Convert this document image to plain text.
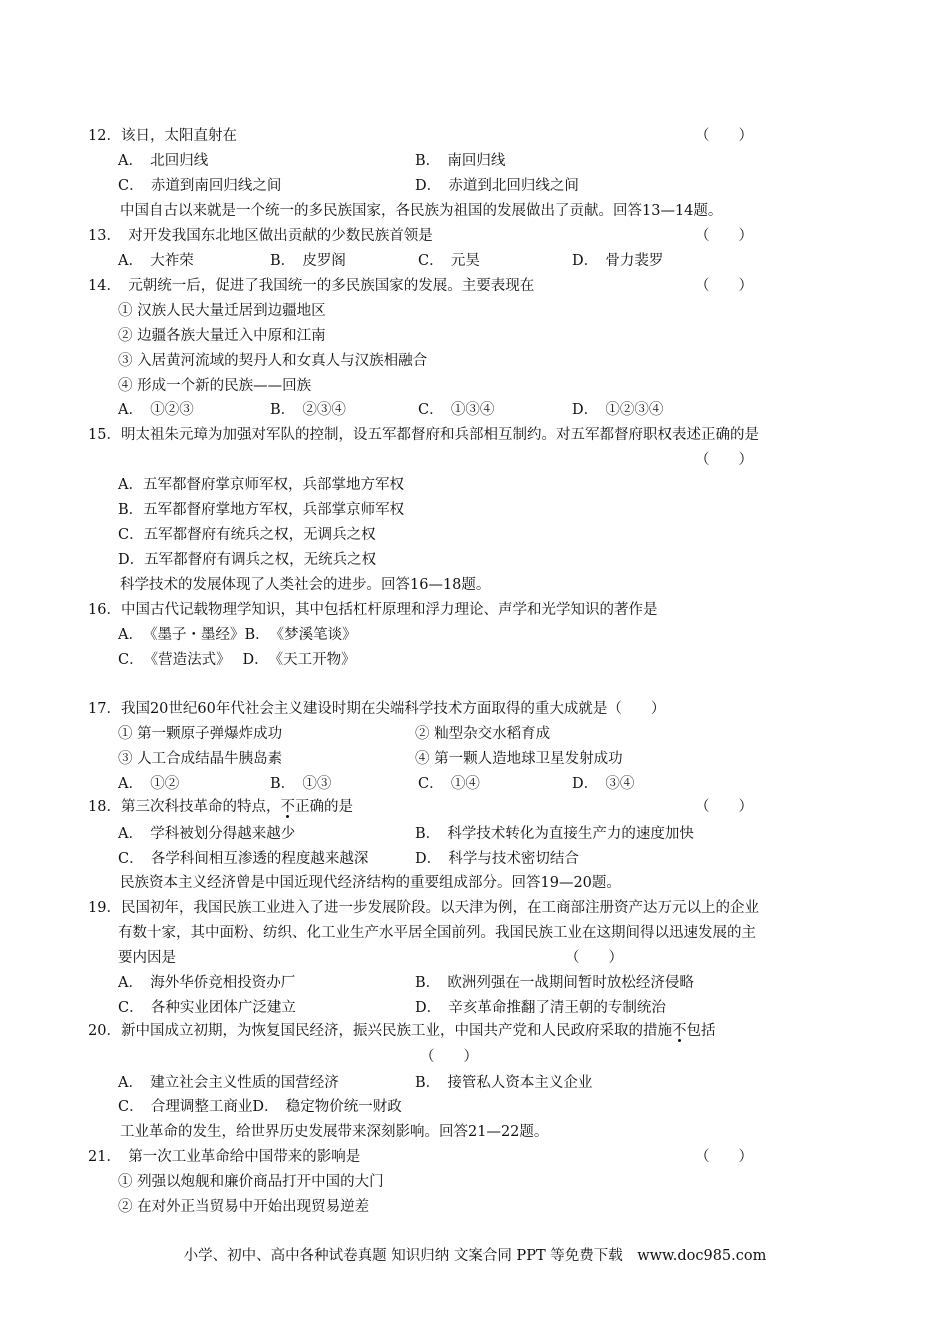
12．该日，太阳直射在	（　　）
A．　北回归线	B．　南回归线
C．　赤道到南回归线之间	D．　赤道到北回归线之间
中国自古以来就是一个统一的多民族国家，各民族为祖国的发展做出了贡献。回答13—14题。
13．　对开发我国东北地区做出贡献的少数民族首领是	（　　）
A．　大祚荣	B．　皮罗阁	C．　元昊	D．　骨力裴罗
14．　元朝统一后，促进了我国统一的多民族国家的发展。主要表现在	（　　）
① 汉族人民大量迁居到边疆地区
② 边疆各族大量迁入中原和江南
③ 入居黄河流域的契丹人和女真人与汉族相融合
④ 形成一个新的民族——回族
A．　①②③	B．　②③④	C．　①③④	D．　①②③④
15．明太祖朱元璋为加强对军队的控制，设五军都督府和兵部相互制约。对五军都督府职权表述正确的是
（　　）
A．五军都督府掌京师军权，兵部掌地方军权
B．五军都督府掌地方军权，兵部掌京师军权
C．五军都督府有统兵之权，无调兵之权
D．五军都督府有调兵之权，无统兵之权
科学技术的发展体现了人类社会的进步。回答16—18题。
16．中国古代记载物理学知识，其中包括杠杆原理和浮力理论、声学和光学知识的著作是
A．　《墨子・墨经》B．　《梦溪笔谈》
C．　《营造法式》　 D．　《天工开物》
17．我国20世纪60年代社会主义建设时期在尖端科学技术方面取得的重大成就是（　　）
① 第一颗原子弹爆炸成功	② 籼型杂交水稻育成
③ 人工合成结晶牛胰岛素	④ 第一颗人造地球卫星发射成功
A．　①②	B．　①③	C．　①④	D．　③④
18．第三次科技革命的特点，不正确的是	（　　）
A．　学科被划分得越来越少	B．　科学技术转化为直接生产力的速度加快
C．　各学科间相互渗透的程度越来越深	D．　科学与技术密切结合
民族资本主义经济曾是中国近现代经济结构的重要组成部分。回答19—20题。
19．民国初年，我国民族工业进入了进一步发展阶段。以天津为例，在工商部注册资产达万元以上的企业
有数十家，其中面粉、纺织、化工业生产水平居全国前列。我国民族工业在这期间得以迅速发展的主
要内因是	（　　）
A．　海外华侨竞相投资办厂	B．　欧洲列强在一战期间暂时放松经济侵略
C．　各种实业团体广泛建立	D．　辛亥革命推翻了清王朝的专制统治
20．新中国成立初期，为恢复国民经济，振兴民族工业，中国共产党和人民政府采取的措施不包括
（　　）
A．　建立社会主义性质的国营经济	B．　接管私人资本主义企业
C．　合理调整工商业D．　稳定物价统一财政
工业革命的发生，给世界历史发展带来深刻影响。回答21—22题。
21．　第一次工业革命给中国带来的影响是	（　　）
① 列强以炮舰和廉价商品打开中国的大门
② 在对外正当贸易中开始出现贸易逆差
小学、初中、高中各种试卷真题 知识归纳 文案合同 PPT 等免费下载　www.doc985.com
